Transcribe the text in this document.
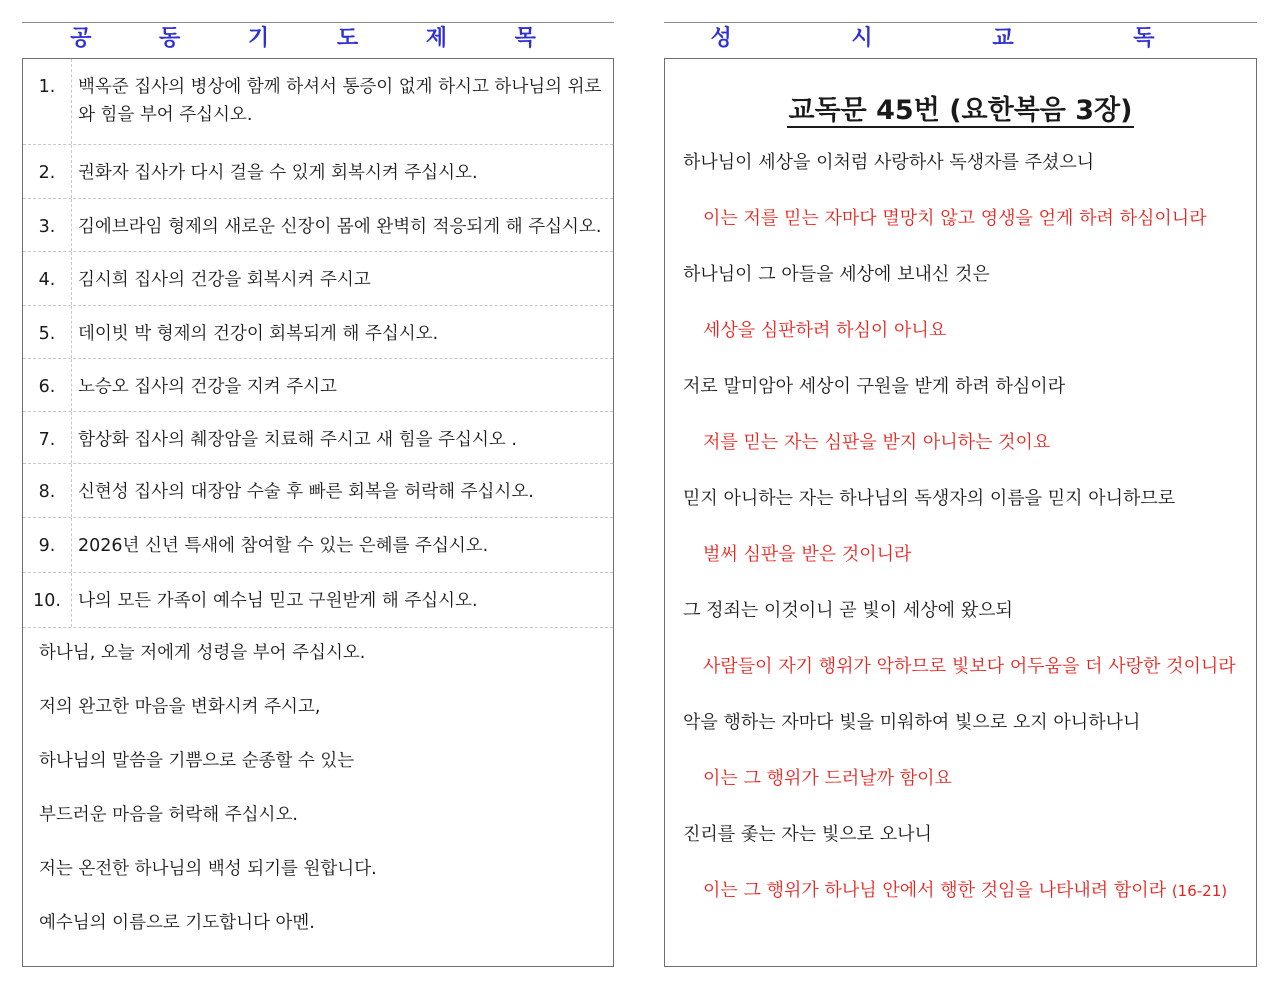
공 동 기 도 제 목
1.	백옥준 집사의 병상에 함께 하셔서 통증이 없게 하시고 하나님의 위로와 힘을 부어 주십시오.
2.	권화자 집사가 다시 걸을 수 있게 회복시켜 주십시오.
3.	김에브라임 형제의 새로운 신장이 몸에 완벽히 적응되게 해 주십시오.
4.	김시희 집사의 건강을 회복시켜 주시고
5.	데이빗 박 형제의 건강이 회복되게 해 주십시오.
6.	노승오 집사의 건강을 지켜 주시고
7.	함상화 집사의 췌장암을 치료해 주시고 새 힘을 주십시오 .
8.	신현성 집사의 대장암 수술 후 빠른 회복을 허락해 주십시오.
9.	2026년 신년 특새에 참여할 수 있는 은혜를 주십시오.
10. 나의 모든 가족이 예수님 믿고 구원받게 해 주십시오.
하나님, 오늘 저에게 성령을 부어 주십시오.
저의 완고한 마음을 변화시켜 주시고,
하나님의 말씀을 기쁨으로 순종할 수 있는
부드러운 마음을 허락해 주십시오.
저는 온전한 하나님의 백성 되기를 원합니다.
예수님의 이름으로 기도합니다 아멘.
성 시 교 독
교독문 45번 (요한복음 3장)
하나님이 세상을 이처럼 사랑하사 독생자를 주셨으니
이는 저를 믿는 자마다 멸망치 않고 영생을 얻게 하려 하심이니라
하나님이 그 아들을 세상에 보내신 것은
세상을 심판하려 하심이 아니요
저로 말미암아 세상이 구원을 받게 하려 하심이라
저를 믿는 자는 심판을 받지 아니하는 것이요
믿지 아니하는 자는 하나님의 독생자의 이름을 믿지 아니하므로
벌써 심판을 받은 것이니라
그 정죄는 이것이니 곧 빛이 세상에 왔으되
사람들이 자기 행위가 악하므로 빛보다 어두움을 더 사랑한 것이니라
악을 행하는 자마다 빛을 미워하여 빛으로 오지 아니하나니
이는 그 행위가 드러날까 함이요
진리를 좇는 자는 빛으로 오나니
이는 그 행위가 하나님 안에서 행한 것임을 나타내려 함이라 (16-21)
